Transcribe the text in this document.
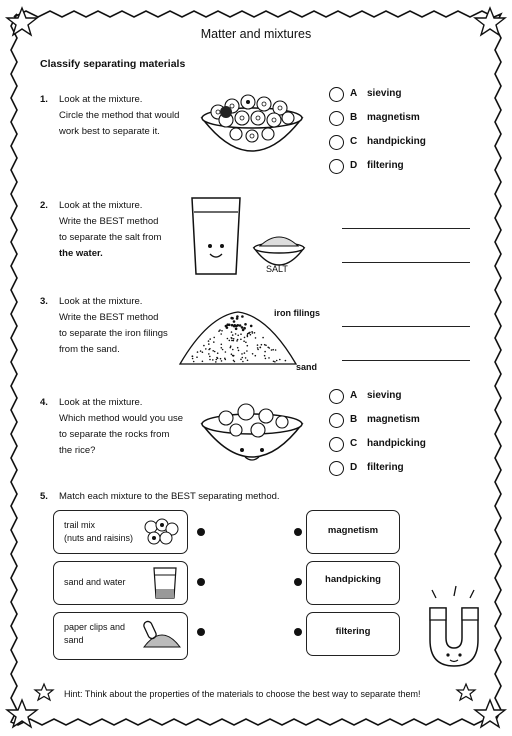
Matter and mixtures
Classify separating materials
1. Look at the mixture.
Circle the method that would
work best to separate it.
A sieving
B magnetism
C handpicking
D filtering
2. Look at the mixture.
Write the BEST method
to separate the salt from
the water.
SALT
3. Look at the mixture.
Write the BEST method
to separate the iron filings
from the sand.
iron filings
sand
4. Look at the mixture.
Which method would you use
to separate the rocks from
the rice?
A sieving
B magnetism
C handpicking
D filtering
5. Match each mixture to the BEST separating method.
trail mix
(nuts and raisins)
sand and water
paper clips and
sand
magnetism
handpicking
filtering
Hint: Think about the properties of the materials to choose the best way to separate them!
